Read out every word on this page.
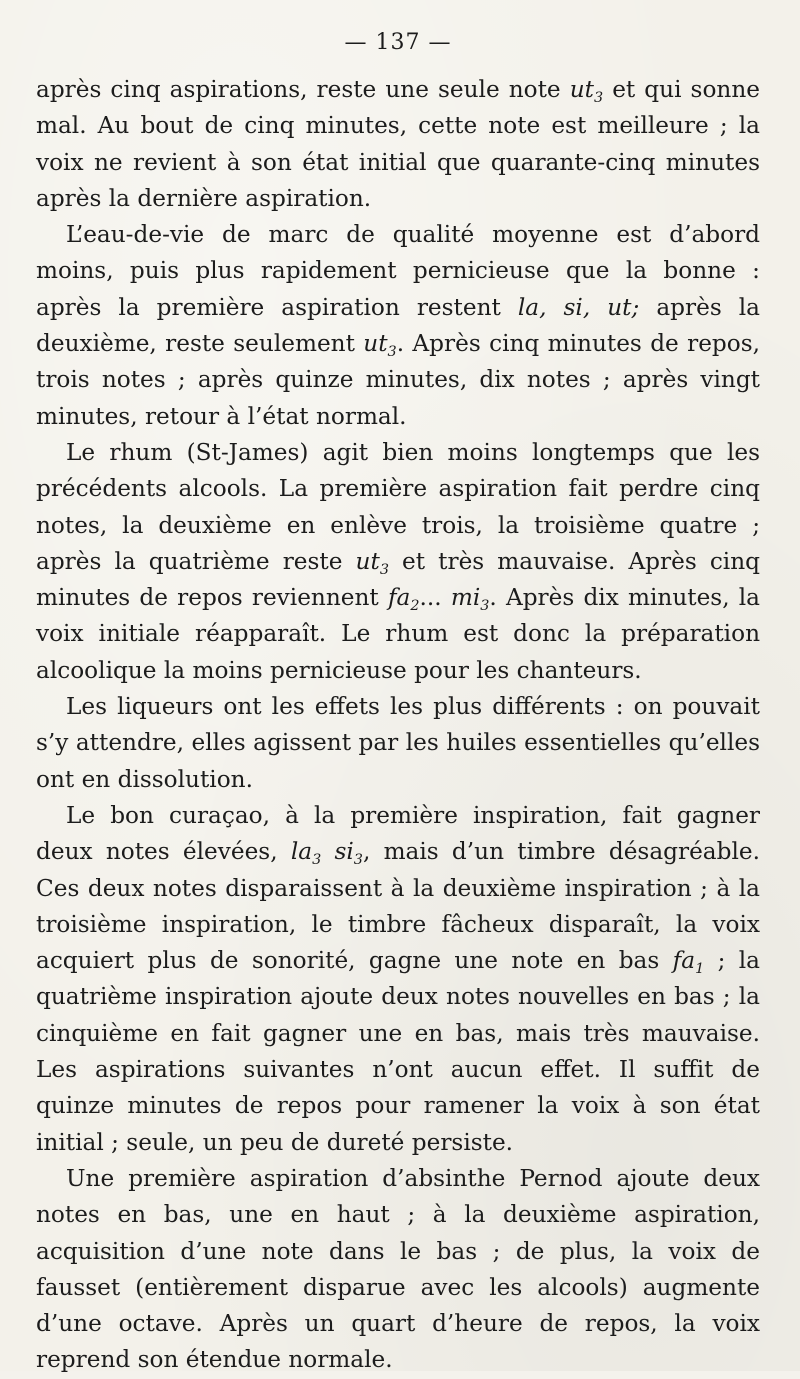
— 137 —

après cinq aspirations, reste une seule note $ut_3$ et qui sonne mal. Au bout de cinq minutes, cette note est meilleure ; la voix ne revient à son état initial que quarante-cinq minutes après la dernière aspiration.

L’eau-de-vie de marc de qualité moyenne est d’abord moins, puis plus rapidement pernicieuse que la bonne : après la première aspiration restent la, si, ut; après la deuxième, reste seulement $ut_3$. Après cinq minutes de repos, trois notes ; après quinze minutes, dix notes ; après vingt minutes, retour à l’état normal.

Le rhum (St-James) agit bien moins longtemps que les précédents alcools. La première aspiration fait perdre cinq notes, la deuxième en enlève trois, la troisième quatre ; après la quatrième reste $ut_3$ et très mauvaise. Après cinq minutes de repos reviennent $fa_2$... $mi_3$. Après dix minutes, la voix initiale réapparaît. Le rhum est donc la préparation alcoolique la moins pernicieuse pour les chanteurs.

Les liqueurs ont les effets les plus différents : on pouvait s’y attendre, elles agissent par les huiles essentielles qu’elles ont en dissolution.

Le bon curaçao, à la première inspiration, fait gagner deux notes élevées, $la_3$ $si_3$, mais d’un timbre désagréable. Ces deux notes disparaissent à la deuxième inspiration ; à la troisième inspiration, le timbre fâcheux disparaît, la voix acquiert plus de sonorité, gagne une note en bas $fa_1$ ; la quatrième inspiration ajoute deux notes nouvelles en bas ; la cinquième en fait gagner une en bas, mais très mauvaise. Les aspirations suivantes n’ont aucun effet. Il suffit de quinze minutes de repos pour ramener la voix à son état initial ; seule, un peu de dureté persiste.

Une première aspiration d’absinthe Pernod ajoute deux notes en bas, une en haut ; à la deuxième aspiration, acquisition d’une note dans le bas ; de plus, la voix de fausset (entièrement disparue avec les alcools) augmente d’une octave. Après un quart d’heure de repos, la voix reprend son étendue normale.
